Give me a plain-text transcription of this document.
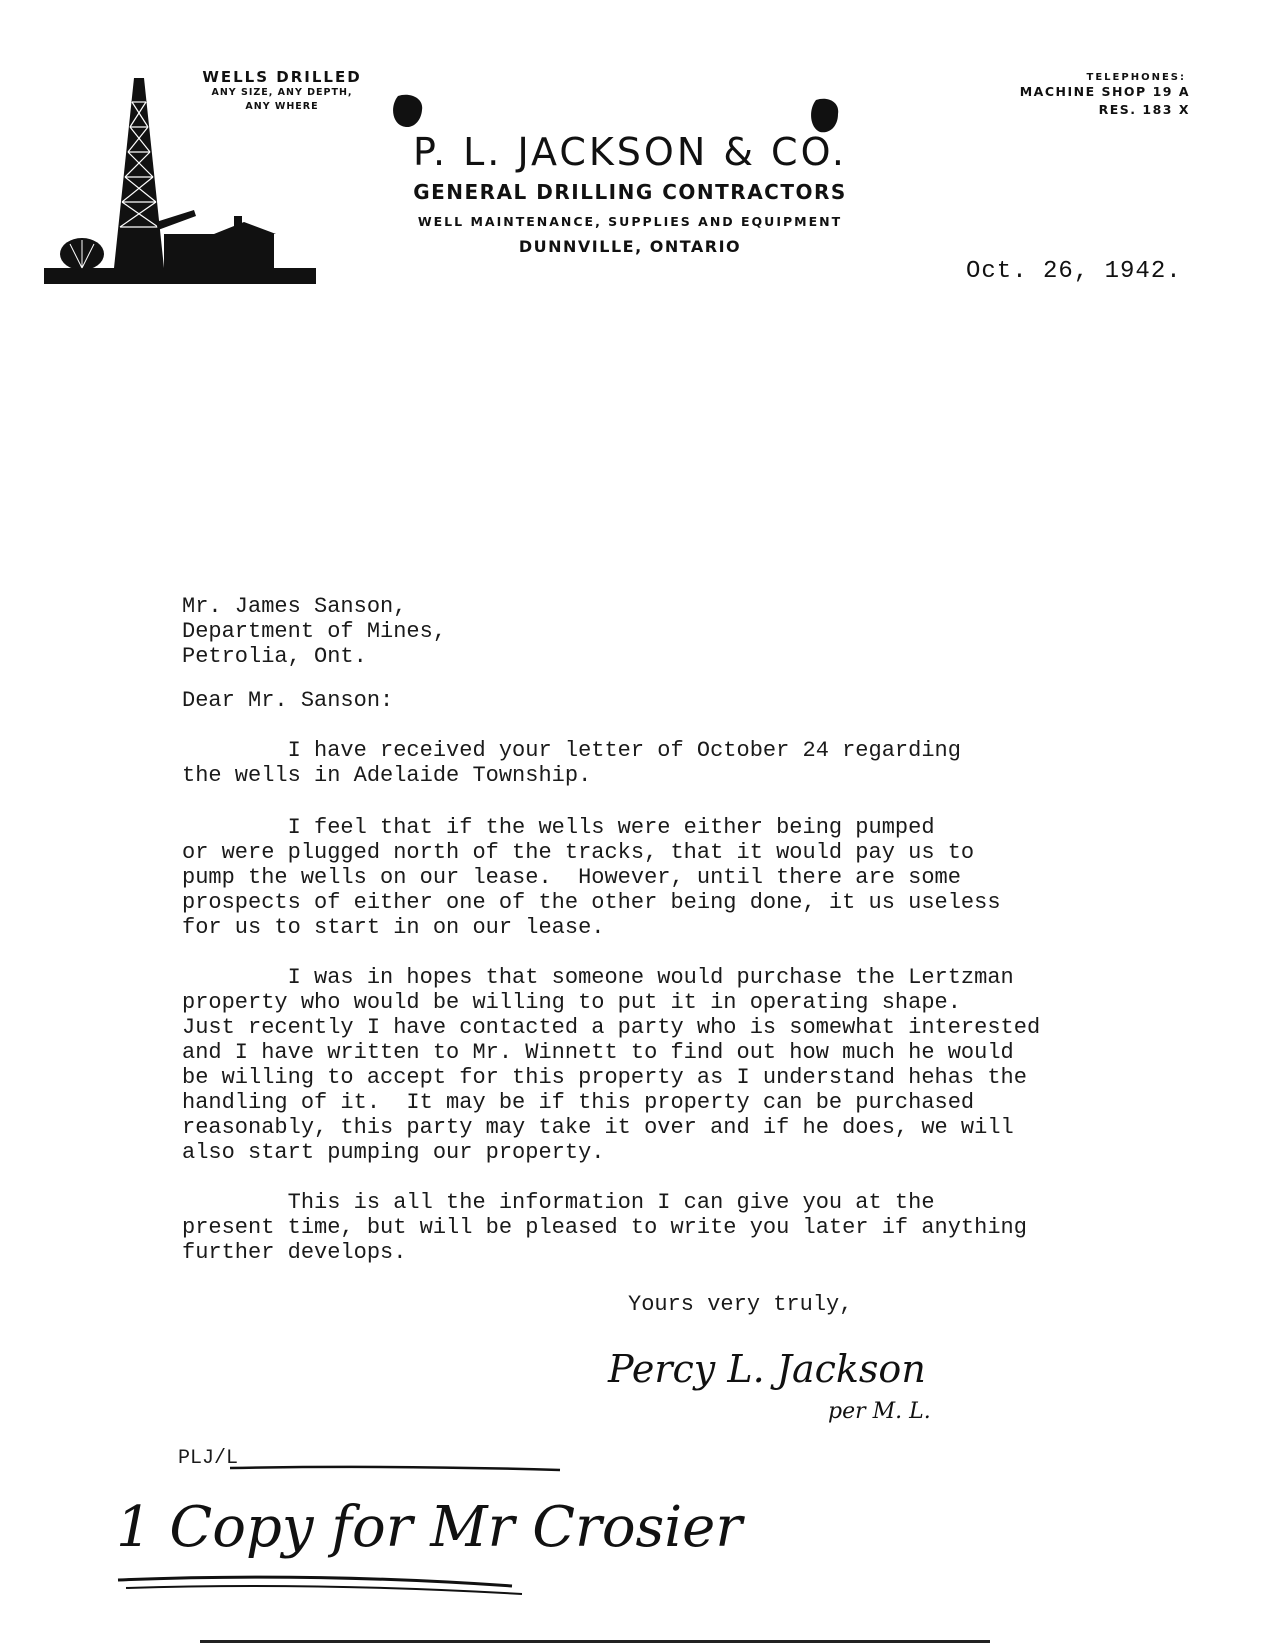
WELLS DRILLED
ANY SIZE, ANY DEPTH,
ANY WHERE
TELEPHONES:
MACHINE SHOP 19 A
RES. 183 X
P. L. JACKSON & CO.
GENERAL DRILLING CONTRACTORS
WELL MAINTENANCE, SUPPLIES AND EQUIPMENT
DUNNVILLE, ONTARIO
Oct. 26, 1942.
Mr. James Sanson,
Department of Mines,
Petrolia, Ont.
Dear Mr. Sanson:
I have received your letter of October 24 regarding
the wells in Adelaide Township.
I feel that if the wells were either being pumped
or were plugged north of the tracks, that it would pay us to
pump the wells on our lease.  However, until there are some
prospects of either one of the other being done, it us useless
for us to start in on our lease.
I was in hopes that someone would purchase the Lertzman
property who would be willing to put it in operating shape.
Just recently I have contacted a party who is somewhat interested
and I have written to Mr. Winnett to find out how much he would
be willing to accept for this property as I understand hehas the
handling of it.  It may be if this property can be purchased
reasonably, this party may take it over and if he does, we will
also start pumping our property.
This is all the information I can give you at the
present time, but will be pleased to write you later if anything
further develops.
Yours very truly,
Percy L. Jackson
per M. L.
PLJ/L
1 Copy for Mr Crosier
